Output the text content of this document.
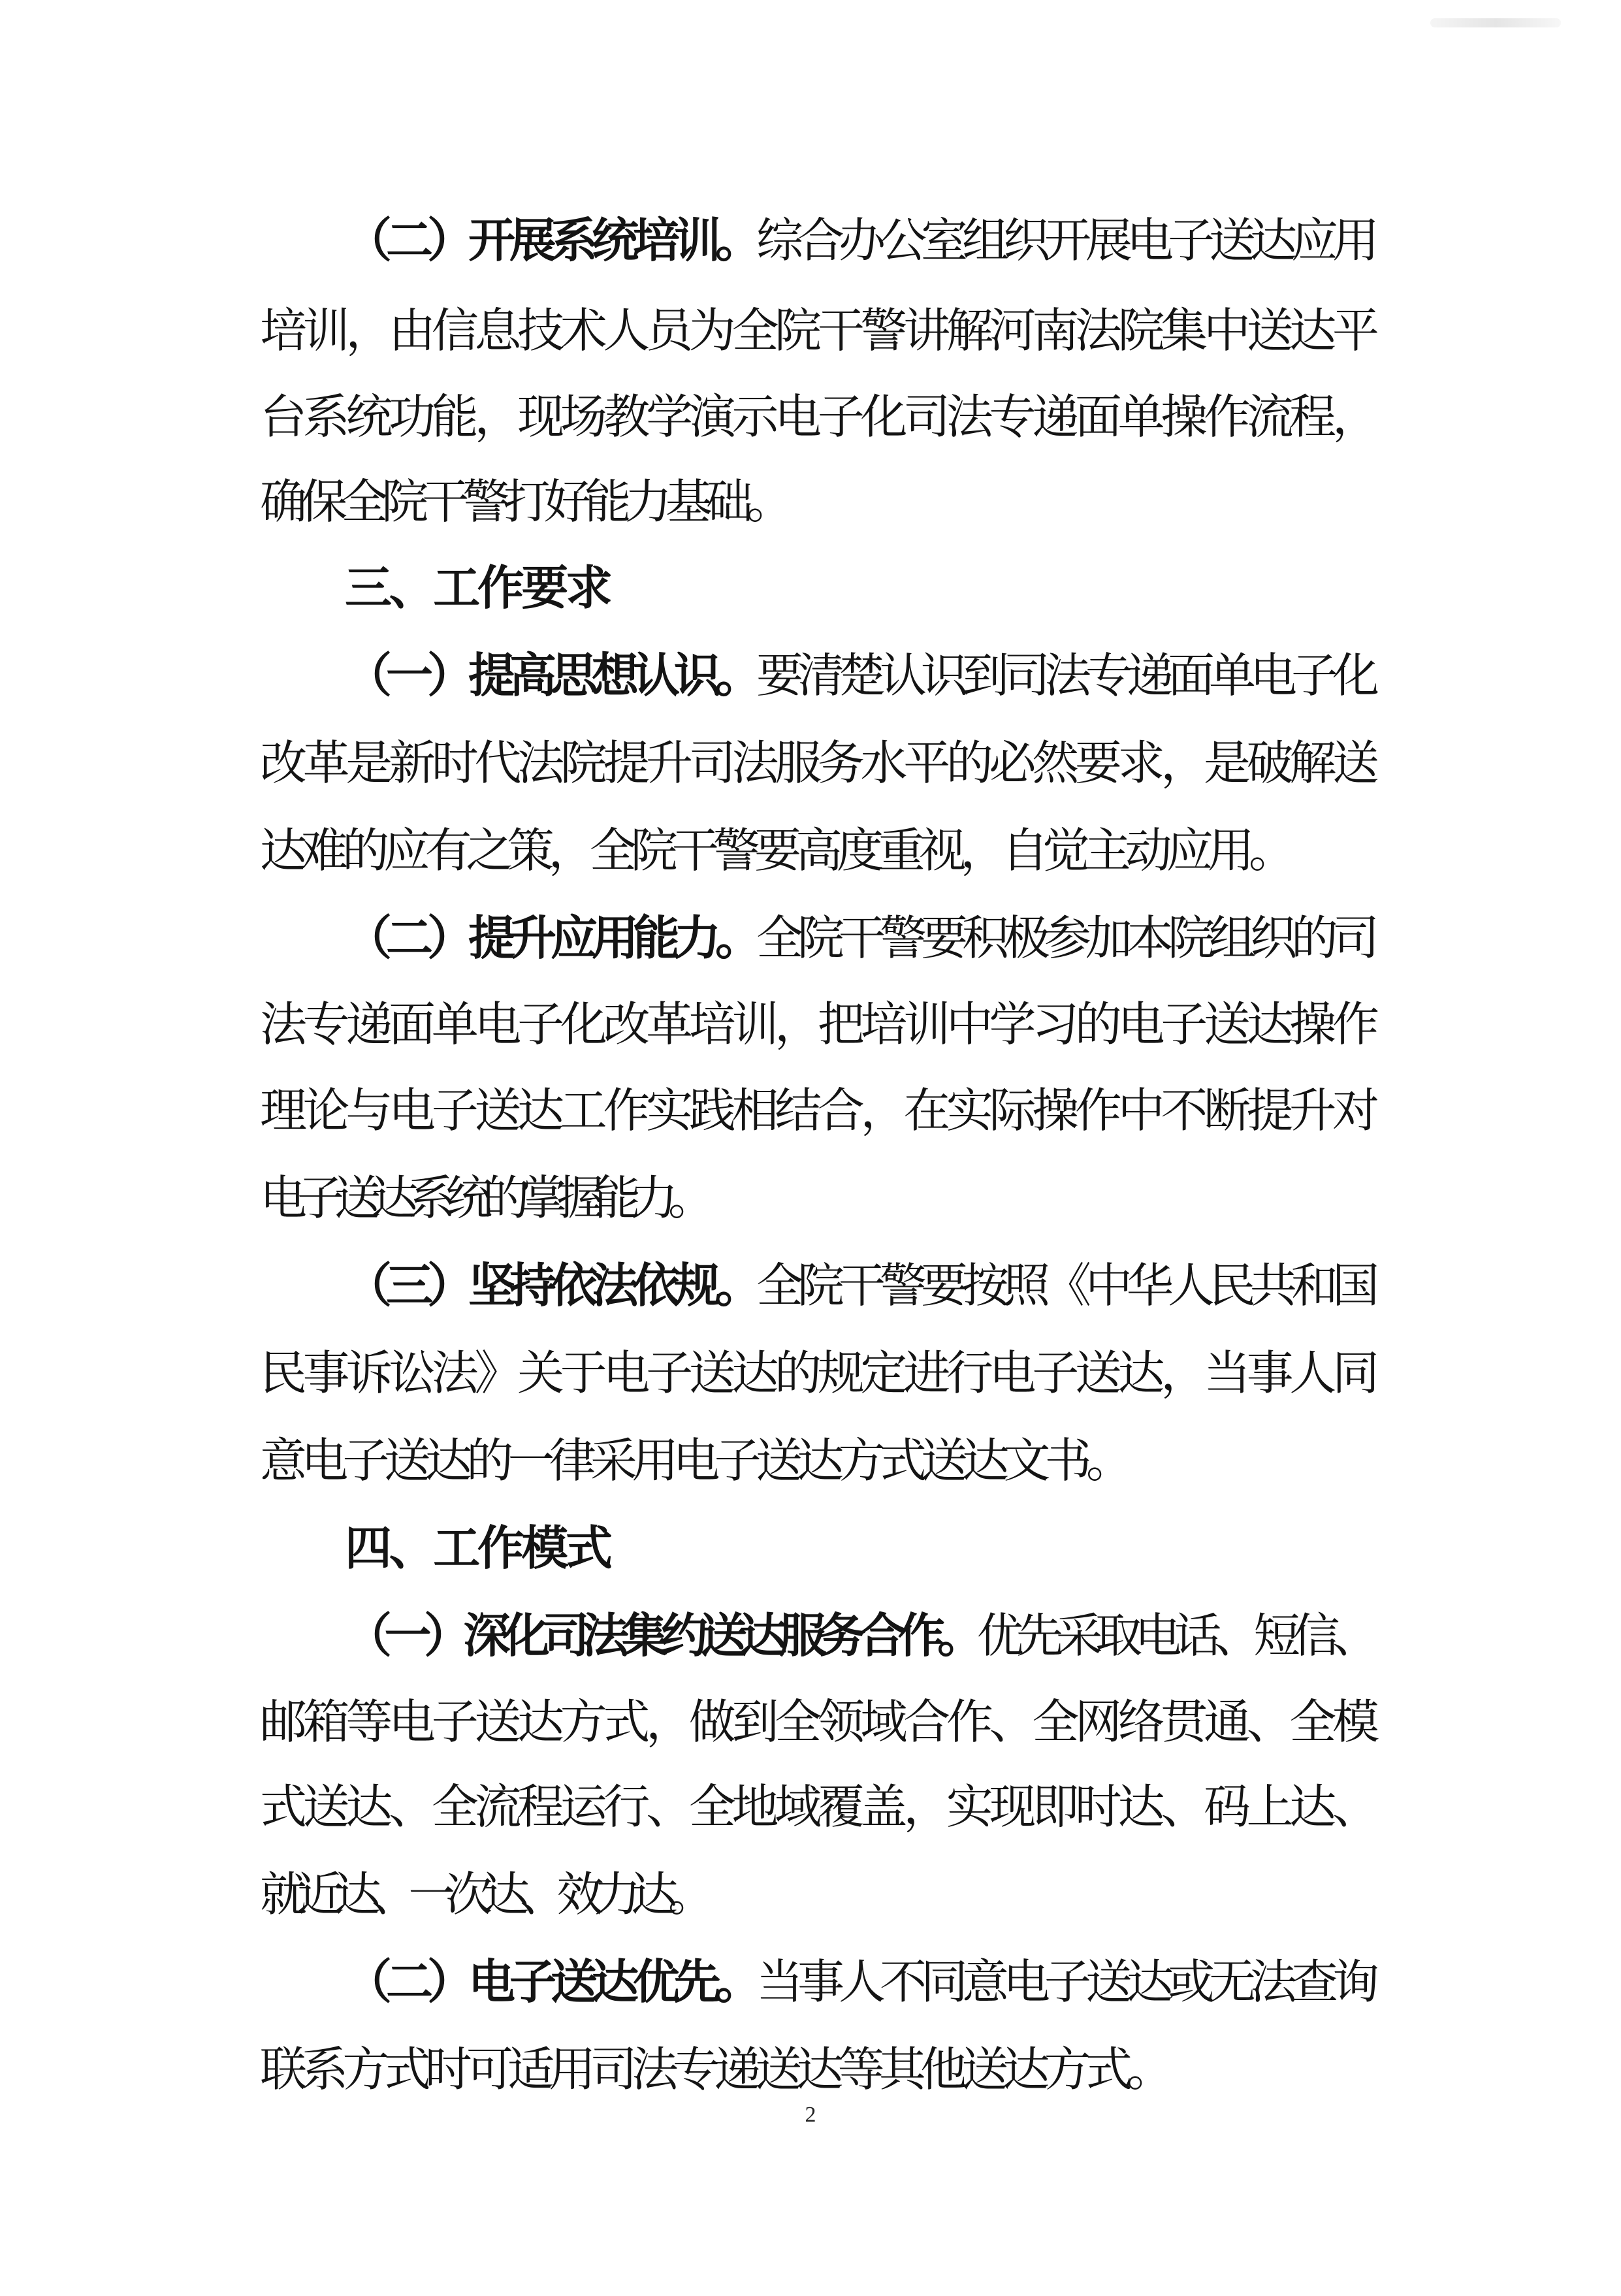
（二）开展系统培训。综合办公室组织开展电子送达应用
培训，由信息技术人员为全院干警讲解河南法院集中送达平
台系统功能，现场教学演示电子化司法专递面单操作流程，
确保全院干警打好能力基础。
三、工作要求
（一）提高思想认识。要清楚认识到司法专递面单电子化
改革是新时代法院提升司法服务水平的必然要求，是破解送
达难的应有之策，全院干警要高度重视，自觉主动应用。
（二）提升应用能力。全院干警要积极参加本院组织的司
法专递面单电子化改革培训，把培训中学习的电子送达操作
理论与电子送达工作实践相结合，在实际操作中不断提升对
电子送达系统的掌握能力。
（三）坚持依法依规。全院干警要按照《中华人民共和国
民事诉讼法》关于电子送达的规定进行电子送达，当事人同
意电子送达的一律采用电子送达方式送达文书。
四、工作模式
（一）深化司法集约送达服务合作。优先采取电话、短信、
邮箱等电子送达方式，做到全领域合作、全网络贯通、全模
式送达、全流程运行、全地域覆盖，实现即时达、码上达、
就近达、一次达、效力达。
（二）电子送达优先。当事人不同意电子送达或无法查询
联系方式时可适用司法专递送达等其他送达方式。
2
